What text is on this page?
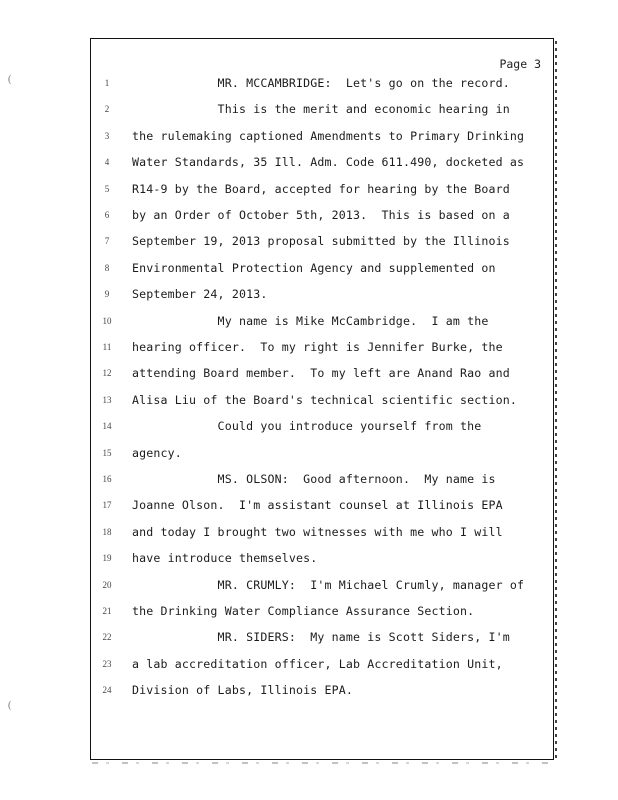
(
(
Page 3
1	MR. MCCAMBRIDGE:  Let's go on the record.
2	This is the merit and economic hearing in
3	the rulemaking captioned Amendments to Primary Drinking
4	Water Standards, 35 Ill. Adm. Code 611.490, docketed as
5	R14-9 by the Board, accepted for hearing by the Board
6	by an Order of October 5th, 2013.  This is based on a
7	September 19, 2013 proposal submitted by the Illinois
8	Environmental Protection Agency and supplemented on
9	September 24, 2013.
10	My name is Mike McCambridge.  I am the
11	hearing officer.  To my right is Jennifer Burke, the
12	attending Board member.  To my left are Anand Rao and
13	Alisa Liu of the Board's technical scientific section.
14	Could you introduce yourself from the
15	agency.
16	MS. OLSON:  Good afternoon.  My name is
17	Joanne Olson.  I'm assistant counsel at Illinois EPA
18	and today I brought two witnesses with me who I will
19	have introduce themselves.
20	MR. CRUMLY:  I'm Michael Crumly, manager of
21	the Drinking Water Compliance Assurance Section.
22	MR. SIDERS:  My name is Scott Siders, I'm
23	a lab accreditation officer, Lab Accreditation Unit,
24	Division of Labs, Illinois EPA.
